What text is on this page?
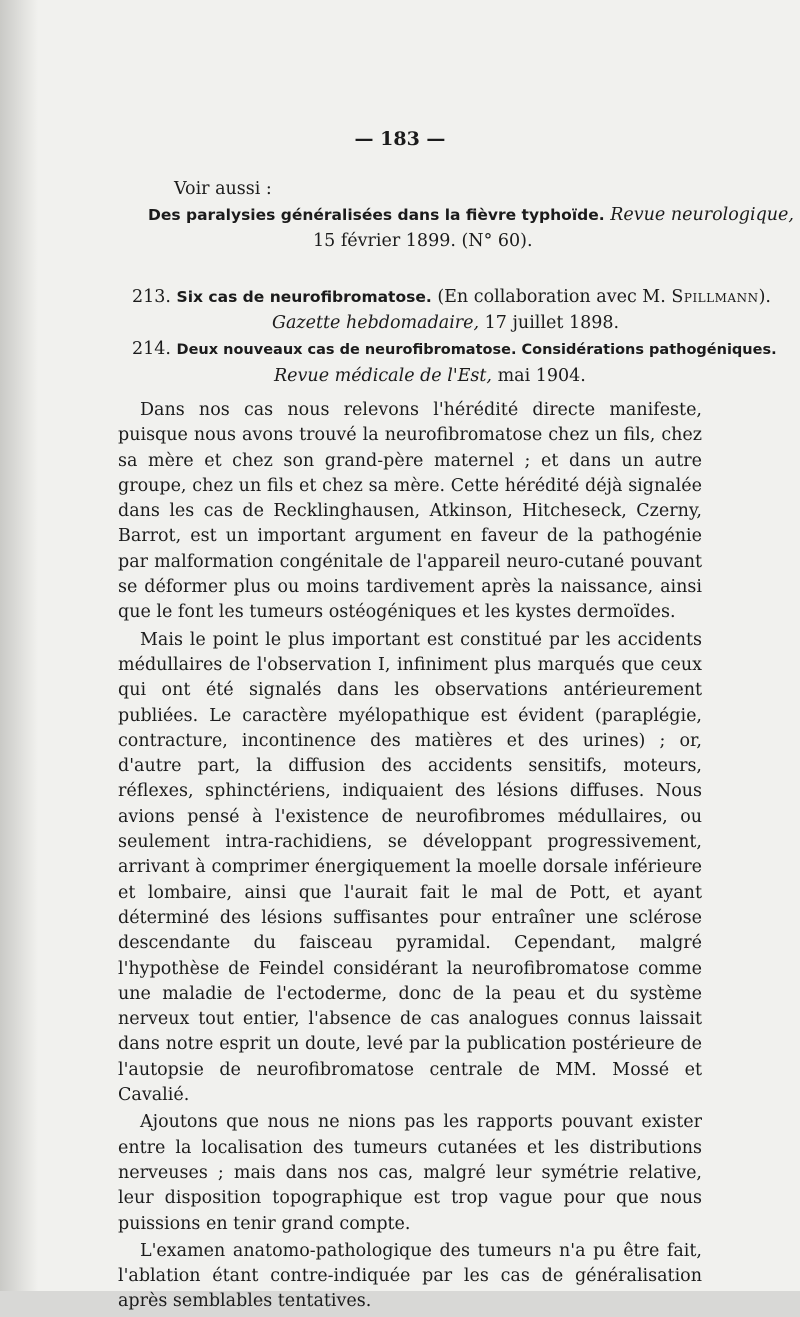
— 183 —
Voir aussi :
Des paralysies généralisées dans la fièvre typhoïde. Revue neurologique,
15 février 1899. (N° 60).
213. Six cas de neurofibromatose. (En collaboration avec M. Spillmann).
Gazette hebdomadaire, 17 juillet 1898.
214. Deux nouveaux cas de neurofibromatose. Considérations pathogéniques.
Revue médicale de l'Est, mai 1904.

Dans nos cas nous relevons l'hérédité directe manifeste, puisque nous avons trouvé la neurofibromatose chez un fils, chez sa mère et chez son grand-père maternel ; et dans un autre groupe, chez un fils et chez sa mère. Cette hérédité déjà signalée dans les cas de Recklinghausen, Atkinson, Hitcheseck, Czerny, Barrot, est un important argument en faveur de la pathogénie par malformation congénitale de l'appareil neuro-cutané pouvant se déformer plus ou moins tardivement après la naissance, ainsi que le font les tumeurs ostéogéniques et les kystes dermoïdes.

Mais le point le plus important est constitué par les accidents médullaires de l'observation I, infiniment plus marqués que ceux qui ont été signalés dans les observations antérieurement publiées. Le caractère myélopathique est évident (paraplégie, contracture, incontinence des matières et des urines) ; or, d'autre part, la diffusion des accidents sensitifs, moteurs, réflexes, sphinctériens, indiquaient des lésions diffuses. Nous avions pensé à l'existence de neurofibromes médullaires, ou seulement intra-rachidiens, se développant progressivement, arrivant à comprimer énergiquement la moelle dorsale inférieure et lombaire, ainsi que l'aurait fait le mal de Pott, et ayant déterminé des lésions suffisantes pour entraîner une sclérose descendante du faisceau pyramidal. Cependant, malgré l'hypothèse de Feindel considérant la neurofibromatose comme une maladie de l'ectoderme, donc de la peau et du système nerveux tout entier, l'absence de cas analogues connus laissait dans notre esprit un doute, levé par la publication postérieure de l'autopsie de neurofibromatose centrale de MM. Mossé et Cavalié.

Ajoutons que nous ne nions pas les rapports pouvant exister entre la localisation des tumeurs cutanées et les distributions nerveuses ; mais dans nos cas, malgré leur symétrie relative, leur disposition topographique est trop vague pour que nous puissions en tenir grand compte.

L'examen anatomo-pathologique des tumeurs n'a pu être fait, l'ablation étant contre-indiquée par les cas de généralisation après semblables tentatives.
